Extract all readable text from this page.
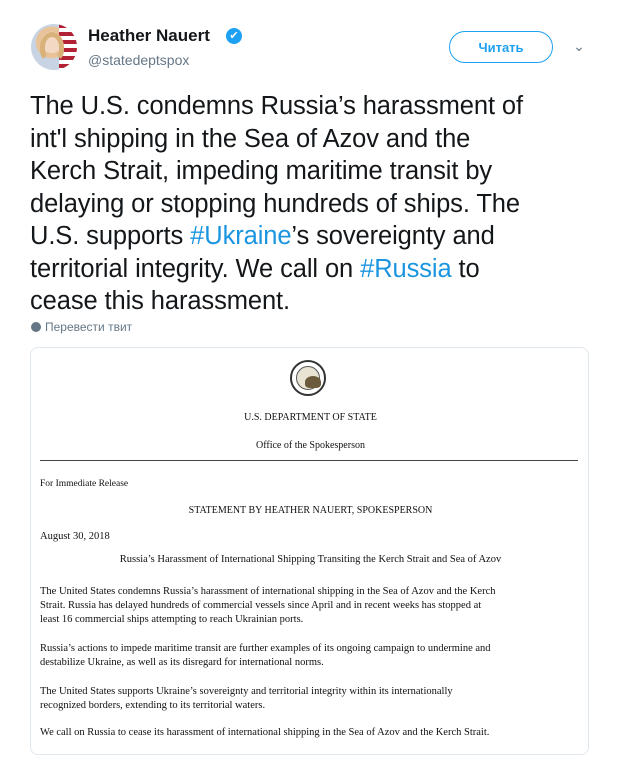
Heather Nauert	✔
@statedeptspox
Читать	⌄
The U.S. condemns Russia’s harassment of
int'l shipping in the Sea of Azov and the
Kerch Strait, impeding maritime transit by
delaying or stopping hundreds of ships. The
U.S. supports #Ukraine’s sovereignty and
territorial integrity. We call on #Russia to
cease this harassment.
Перевести твит
U.S. DEPARTMENT OF STATE
Office of the Spokesperson
For Immediate Release
STATEMENT BY HEATHER NAUERT, SPOKESPERSON
August 30, 2018
Russia’s Harassment of International Shipping Transiting the Kerch Strait and Sea of Azov
The United States condemns Russia’s harassment of international shipping in the Sea of Azov and the Kerch
Strait. Russia has delayed hundreds of commercial vessels since April and in recent weeks has stopped at
least 16 commercial ships attempting to reach Ukrainian ports.
Russia’s actions to impede maritime transit are further examples of its ongoing campaign to undermine and
destabilize Ukraine, as well as its disregard for international norms.
The United States supports Ukraine’s sovereignty and territorial integrity within its internationally
recognized borders, extending to its territorial waters.
We call on Russia to cease its harassment of international shipping in the Sea of Azov and the Kerch Strait.
